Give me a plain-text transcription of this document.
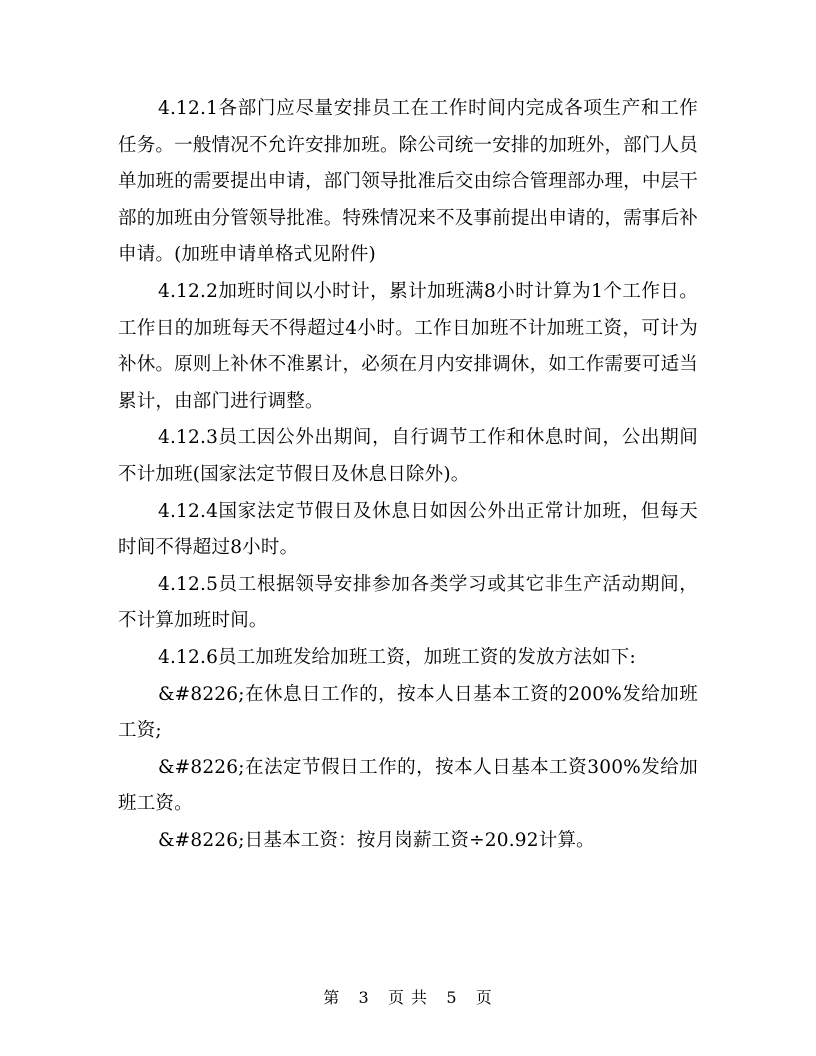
4.12.1各部门应尽量安排员工在工作时间内完成各项生产和工作任务。一般情况不允许安排加班。除公司统一安排的加班外，部门人员单加班的需要提出申请，部门领导批准后交由综合管理部办理，中层干部的加班由分管领导批准。特殊情况来不及事前提出申请的，需事后补申请。(加班申请单格式见附件)

4.12.2加班时间以小时计，累计加班满8小时计算为1个工作日。工作日的加班每天不得超过4小时。工作日加班不计加班工资，可计为补休。原则上补休不准累计，必须在月内安排调休，如工作需要可适当累计，由部门进行调整。

4.12.3员工因公外出期间，自行调节工作和休息时间，公出期间不计加班(国家法定节假日及休息日除外)。

4.12.4国家法定节假日及休息日如因公外出正常计加班，但每天时间不得超过8小时。

4.12.5员工根据领导安排参加各类学习或其它非生产活动期间，不计算加班时间。

4.12.6员工加班发给加班工资，加班工资的发放方法如下:

&#8226;在休息日工作的，按本人日基本工资的200%发给加班工资;

&#8226;在法定节假日工作的，按本人日基本工资300%发给加班工资。

&#8226;日基本工资：按月岗薪工资÷20.92计算。

第 3 页 共 5 页
